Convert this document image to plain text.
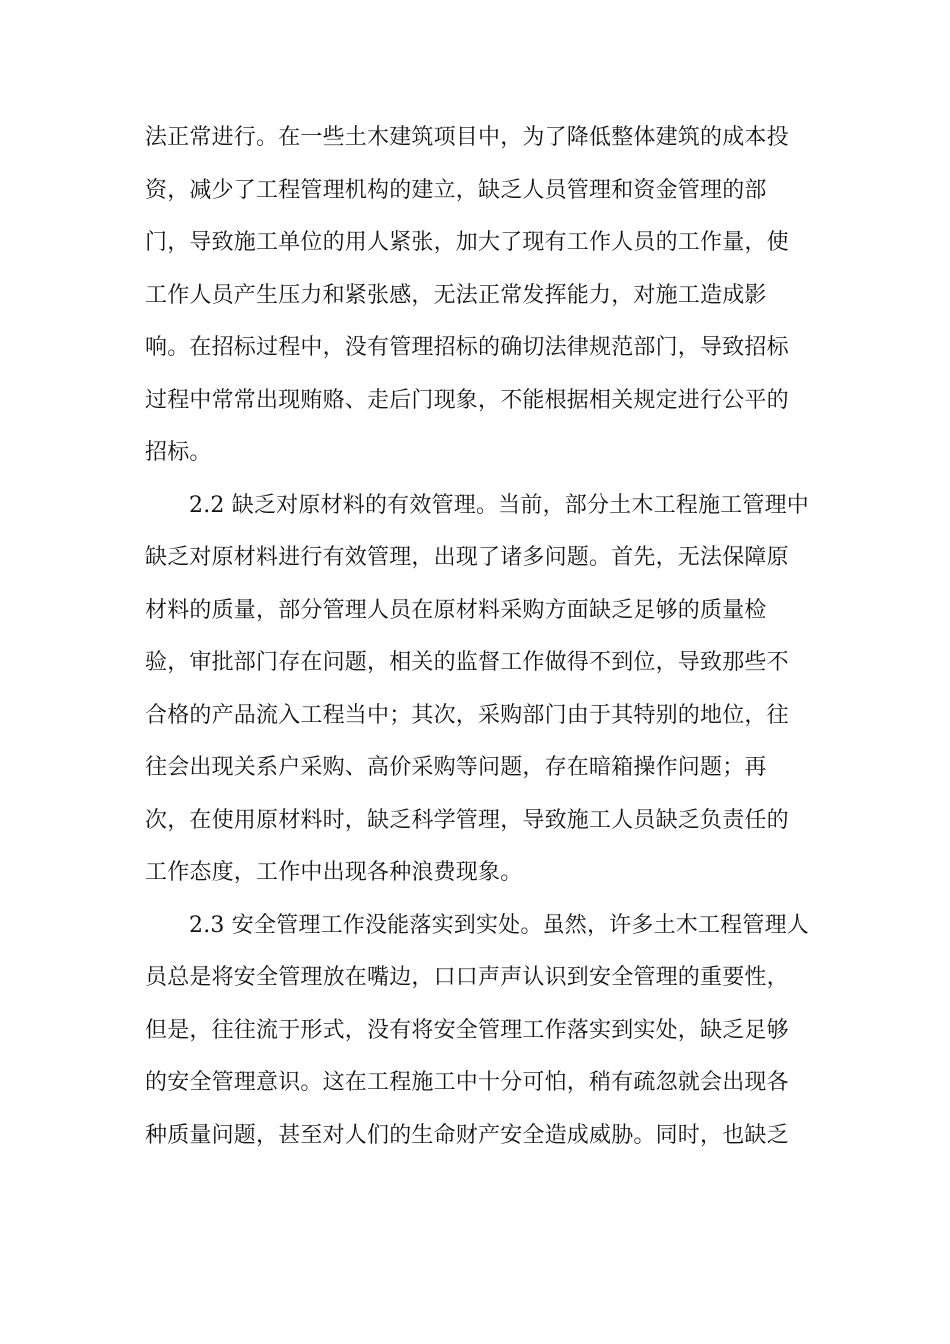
法正常进行。在一些土木建筑项目中，为了降低整体建筑的成本投
资，减少了工程管理机构的建立，缺乏人员管理和资金管理的部
门，导致施工单位的用人紧张，加大了现有工作人员的工作量，使
工作人员产生压力和紧张感，无法正常发挥能力，对施工造成影
响。在招标过程中，没有管理招标的确切法律规范部门，导致招标
过程中常常出现贿赂、走后门现象，不能根据相关规定进行公平的
招标。
2.2 缺乏对原材料的有效管理。当前，部分土木工程施工管理中
缺乏对原材料进行有效管理，出现了诸多问题。首先，无法保障原
材料的质量，部分管理人员在原材料采购方面缺乏足够的质量检
验，审批部门存在问题，相关的监督工作做得不到位，导致那些不
合格的产品流入工程当中；其次，采购部门由于其特别的地位，往
往会出现关系户采购、高价采购等问题，存在暗箱操作问题；再
次，在使用原材料时，缺乏科学管理，导致施工人员缺乏负责任的
工作态度，工作中出现各种浪费现象。
2.3 安全管理工作没能落实到实处。虽然，许多土木工程管理人
员总是将安全管理放在嘴边，口口声声认识到安全管理的重要性，
但是，往往流于形式，没有将安全管理工作落实到实处，缺乏足够
的安全管理意识。这在工程施工中十分可怕，稍有疏忽就会出现各
种质量问题，甚至对人们的生命财产安全造成威胁。同时，也缺乏
